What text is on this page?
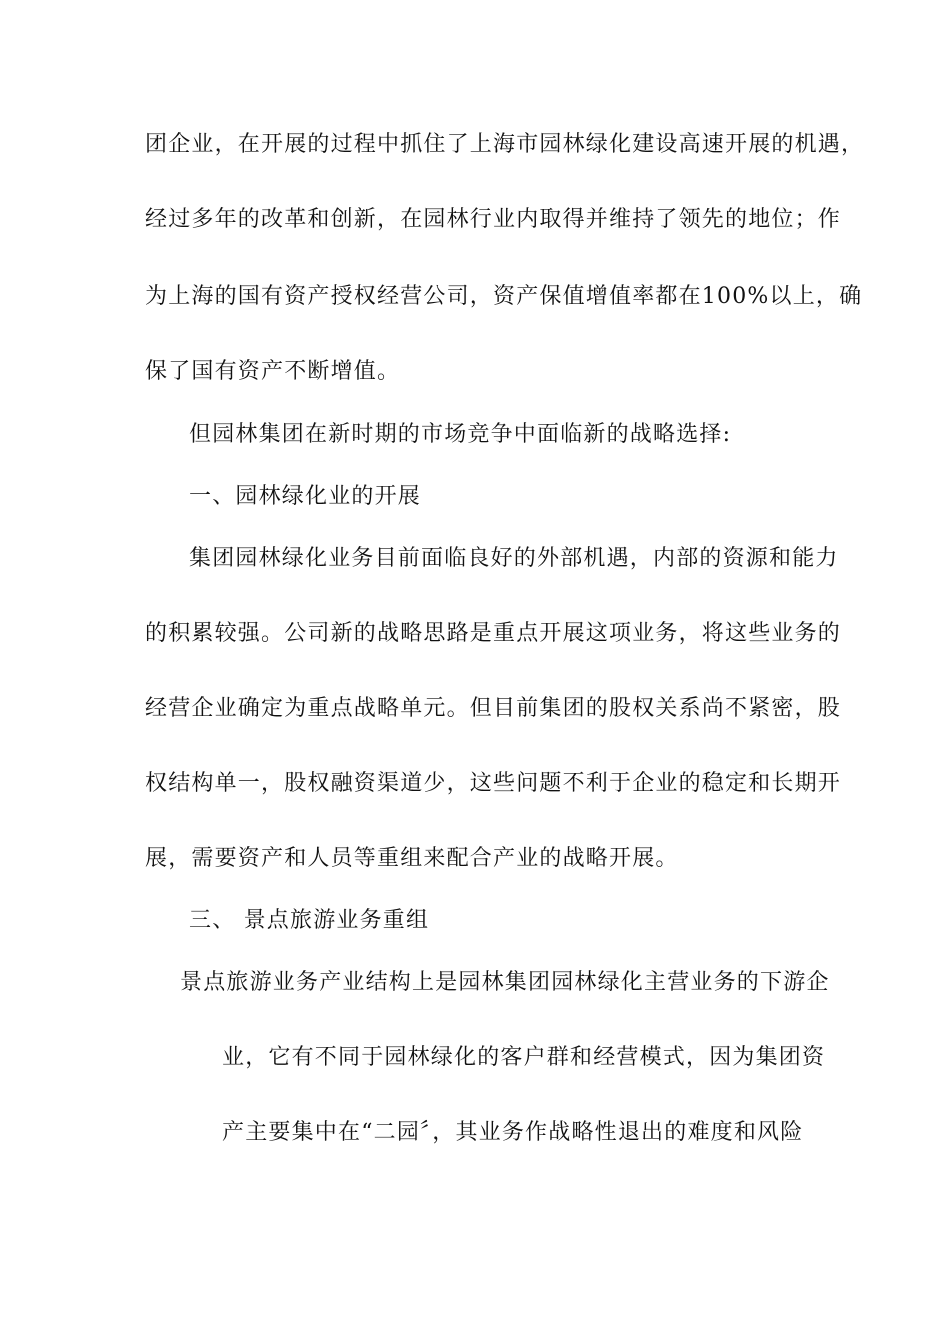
团企业，在开展的过程中抓住了上海市园林绿化建设高速开展的机遇，
经过多年的改革和创新，在园林行业内取得并维持了领先的地位；作
为上海的国有资产授权经营公司，资产保值增值率都在100%以上，确
保了国有资产不断增值。
但园林集团在新时期的市场竞争中面临新的战略选择:
一、园林绿化业的开展
集团园林绿化业务目前面临良好的外部机遇，内部的资源和能力
的积累较强。公司新的战略思路是重点开展这项业务，将这些业务的
经营企业确定为重点战略单元。但目前集团的股权关系尚不紧密，股
权结构单一，股权融资渠道少，这些问题不利于企业的稳定和长期开
展，需要资产和人员等重组来配合产业的战略开展。
三、 景点旅游业务重组
景点旅游业务产业结构上是园林集团园林绿化主营业务的下游企
业，它有不同于园林绿化的客户群和经营模式，因为集团资
产主要集中在“二园〞，其业务作战略性退出的难度和风险
